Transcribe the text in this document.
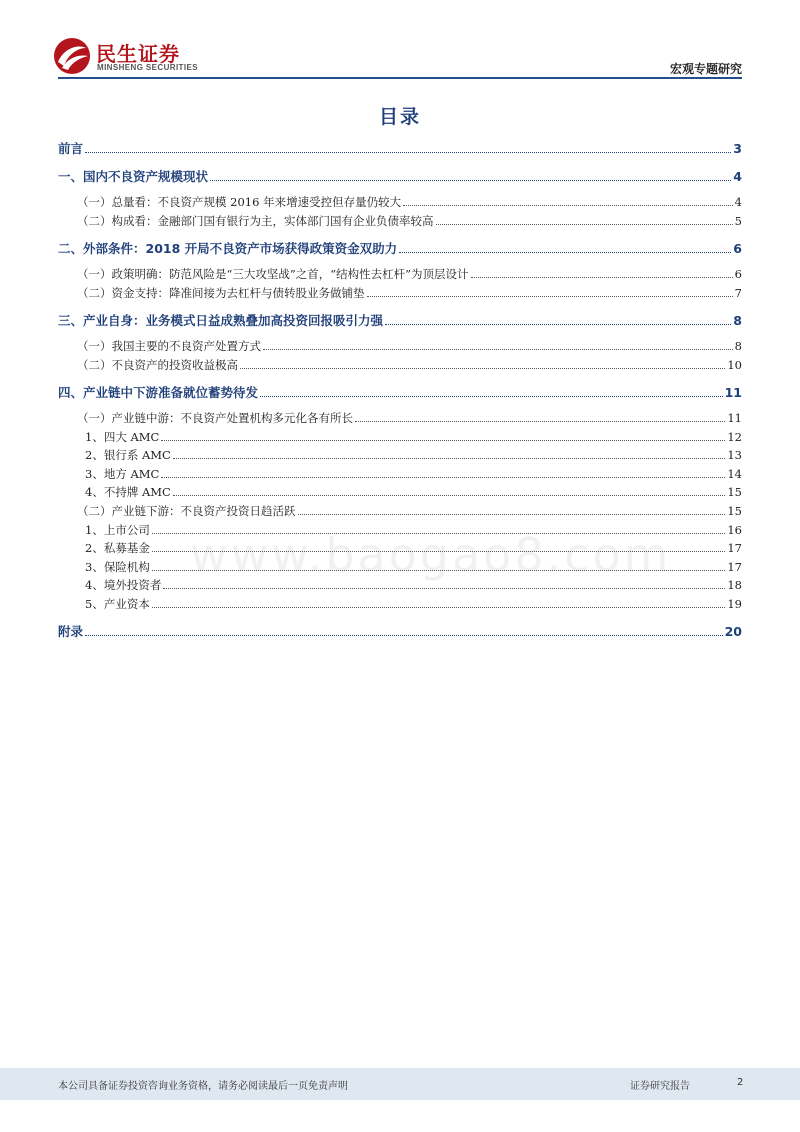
民生证券
MINSHENG SECURITIES	宏观专题研究
目录
前言	3
一、国内不良资产规模现状	4
（一）总量看：不良资产规模 2016 年来增速受控但存量仍较大	4
（二）构成看：金融部门国有银行为主，实体部门国有企业负债率较高	5
二、外部条件：2018 开局不良资产市场获得政策资金双助力	6
（一）政策明确：防范风险是“三大攻坚战”之首，“结构性去杠杆”为顶层设计	6
（二）资金支持：降准间接为去杠杆与债转股业务做铺垫	7
三、产业自身：业务模式日益成熟叠加高投资回报吸引力强	8
（一）我国主要的不良资产处置方式	8
（二）不良资产的投资收益极高	10
四、产业链中下游准备就位蓄势待发	11
（一）产业链中游：不良资产处置机构多元化各有所长	11
1、四大 AMC	12
2、银行系 AMC	13
3、地方 AMC	14
4、不持牌 AMC	15
（二）产业链下游：不良资产投资日趋活跃	15
1、上市公司	16
2、私募基金	17
3、保险机构	17
4、境外投资者	18
5、产业资本	19
附录	20
www.baogao8.com
本公司具备证券投资咨询业务资格，请务必阅读最后一页免责声明	证券研究报告	2
